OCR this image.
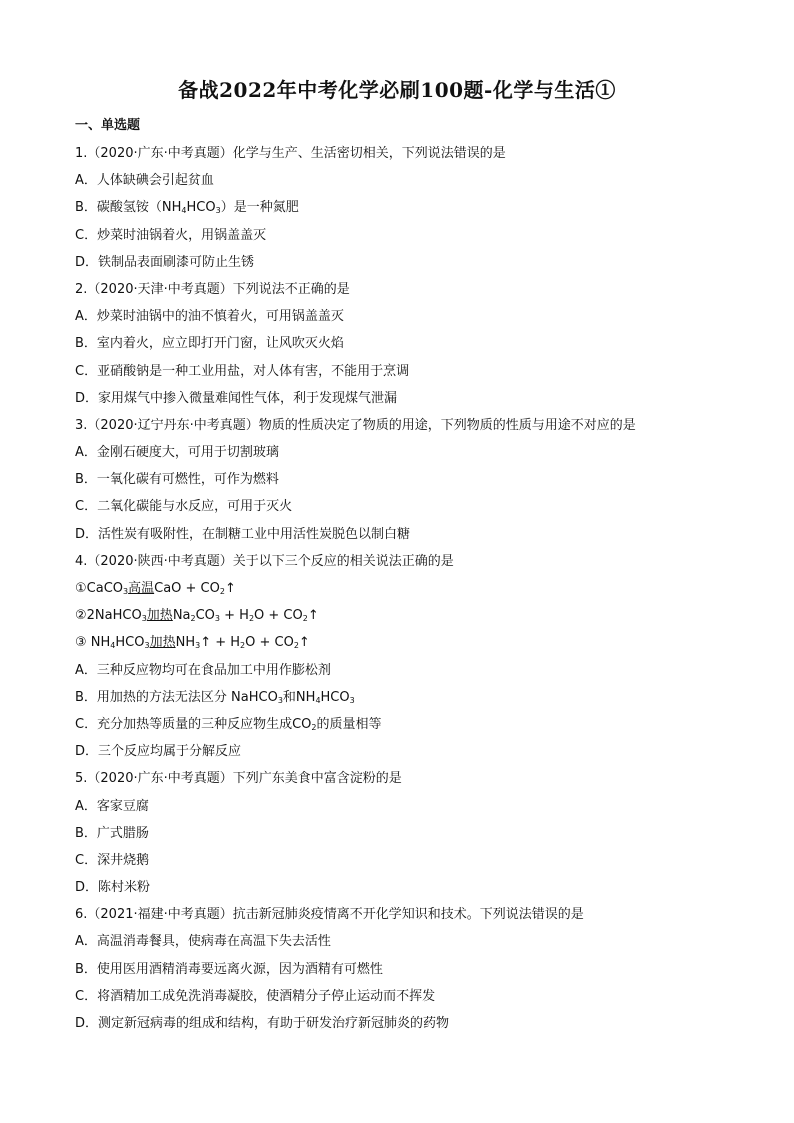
备战2022年中考化学必刷100题-化学与生活①
一、单选题
1.（2020·广东·中考真题）化学与生产、生活密切相关，下列说法错误的是
A．人体缺碘会引起贫血
B．碳酸氢铵$(NH_4HCO_3)$是一种氮肥
C．炒菜时油锅着火，用锅盖盖灭
D．铁制品表面刷漆可防止生锈
2.（2020·天津·中考真题）下列说法不正确的是
A．炒菜时油锅中的油不慎着火，可用锅盖盖灭
B．室内着火，应立即打开门窗，让风吹灭火焰
C．亚硝酸钠是一种工业用盐，对人体有害，不能用于烹调
D．家用煤气中掺入微量难闻性气体，利于发现煤气泄漏
3.（2020·辽宁丹东·中考真题）物质的性质决定了物质的用途，下列物质的性质与用途不对应的是
A．金刚石硬度大，可用于切割玻璃
B．一氧化碳有可燃性，可作为燃料
C．二氧化碳能与水反应，可用于灭火
D．活性炭有吸附性，在制糖工业中用活性炭脱色以制白糖
4.（2020·陕西·中考真题）关于以下三个反应的相关说法正确的是
①CaCO$_3$高温CaO + $CO_2↑$
②2NaHCO$_3$加热$Na_2CO_3 + H_2O$ + $CO_2↑$
③ $NH_4HCO_3$加热$NH_3↑ + H_2O$ + $CO_2↑$
A．三种反应物均可在食品加工中用作膨松剂
B．用加热的方法无法区分 NaHCO$_3$和$NH_4HCO_3$
C．充分加热等质量的三种反应物生成$CO_2$的质量相等
D．三个反应均属于分解反应
5.（2020·广东·中考真题）下列广东美食中富含淀粉的是
A．客家豆腐
B．广式腊肠
C．深井烧鹅
D．陈村米粉
6.（2021·福建·中考真题）抗击新冠肺炎疫情离不开化学知识和技术。下列说法错误的是
A．高温消毒餐具，使病毒在高温下失去活性
B．使用医用酒精消毒要远离火源，因为酒精有可燃性
C．将酒精加工成免洗消毒凝胶，使酒精分子停止运动而不挥发
D．测定新冠病毒的组成和结构，有助于研发治疗新冠肺炎的药物
